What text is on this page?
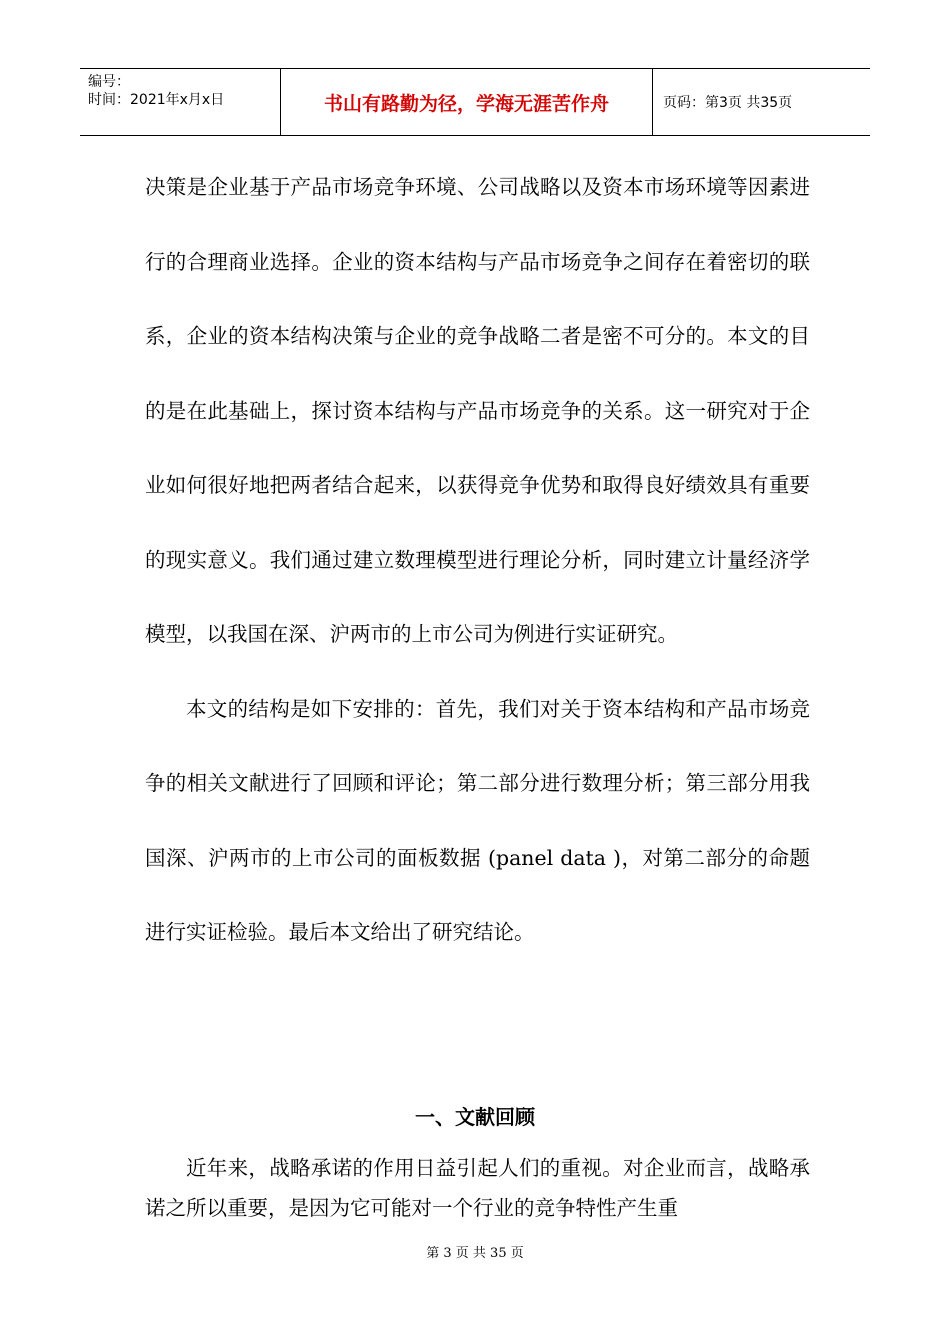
编号：
时间：2021年x月x日	书山有路勤为径，学海无涯苦作舟	页码：第3页 共35页

决策是企业基于产品市场竞争环境、公司战略以及资本市场环境等因素进行的合理商业选择。企业的资本结构与产品市场竞争之间存在着密切的联系，企业的资本结构决策与企业的竞争战略二者是密不可分的。本文的目的是在此基础上，探讨资本结构与产品市场竞争的关系。这一研究对于企业如何很好地把两者结合起来，以获得竞争优势和取得良好绩效具有重要的现实意义。我们通过建立数理模型进行理论分析，同时建立计量经济学模型，以我国在深、沪两市的上市公司为例进行实证研究。

本文的结构是如下安排的：首先，我们对关于资本结构和产品市场竞争的相关文献进行了回顾和评论；第二部分进行数理分析；第三部分用我国深、沪两市的上市公司的面板数据 (panel data )，对第二部分的命题进行实证检验。最后本文给出了研究结论。

一、文献回顾

近年来，战略承诺的作用日益引起人们的重视。对企业而言，战略承诺之所以重要，是因为它可能对一个行业的竞争特性产生重

第 3 页 共 35 页
